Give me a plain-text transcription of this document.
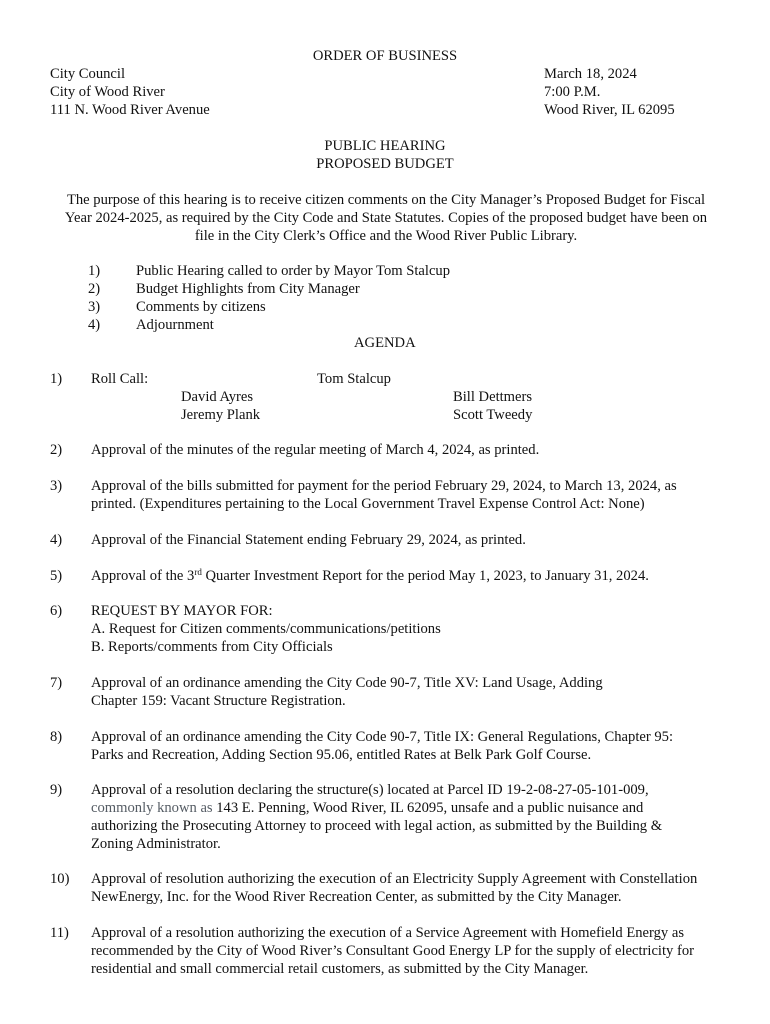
ORDER OF BUSINESS
City Council
City of Wood River
111 N. Wood River Avenue
March 18, 2024
7:00 P.M.
Wood River, IL 62095
PUBLIC HEARING
PROPOSED BUDGET
The purpose of this hearing is to receive citizen comments on the City Manager’s Proposed Budget for Fiscal
Year 2024-2025, as required by the City Code and State Statutes. Copies of the proposed budget have been on
file in the City Clerk’s Office and the Wood River Public Library.
1) Public Hearing called to order by Mayor Tom Stalcup
2) Budget Highlights from City Manager
3) Comments by citizens
4) Adjournment
AGENDA
1) Roll Call:	Tom Stalcup
David Ayres
Jeremy Plank
Bill Dettmers
Scott Tweedy
2) Approval of the minutes of the regular meeting of March 4, 2024, as printed.
3) Approval of the bills submitted for payment for the period February 29, 2024, to March 13, 2024, as
printed. (Expenditures pertaining to the Local Government Travel Expense Control Act: None)
4) Approval of the Financial Statement ending February 29, 2024, as printed.
5) Approval of the 3rd Quarter Investment Report for the period May 1, 2023, to January 31, 2024.
6) REQUEST BY MAYOR FOR:
A. Request for Citizen comments/communications/petitions
B. Reports/comments from City Officials
7) Approval of an ordinance amending the City Code 90-7, Title XV: Land Usage, Adding
Chapter 159: Vacant Structure Registration.
8) Approval of an ordinance amending the City Code 90-7, Title IX: General Regulations, Chapter 95:
Parks and Recreation, Adding Section 95.06, entitled Rates at Belk Park Golf Course.
9) Approval of a resolution declaring the structure(s) located at Parcel ID 19-2-08-27-05-101-009,
commonly known as 143 E. Penning, Wood River, IL 62095, unsafe and a public nuisance and
authorizing the Prosecuting Attorney to proceed with legal action, as submitted by the Building &
Zoning Administrator.
10) Approval of resolution authorizing the execution of an Electricity Supply Agreement with Constellation
NewEnergy, Inc. for the Wood River Recreation Center, as submitted by the City Manager.
11) Approval of a resolution authorizing the execution of a Service Agreement with Homefield Energy as
recommended by the City of Wood River’s Consultant Good Energy LP for the supply of electricity for
residential and small commercial retail customers, as submitted by the City Manager.
